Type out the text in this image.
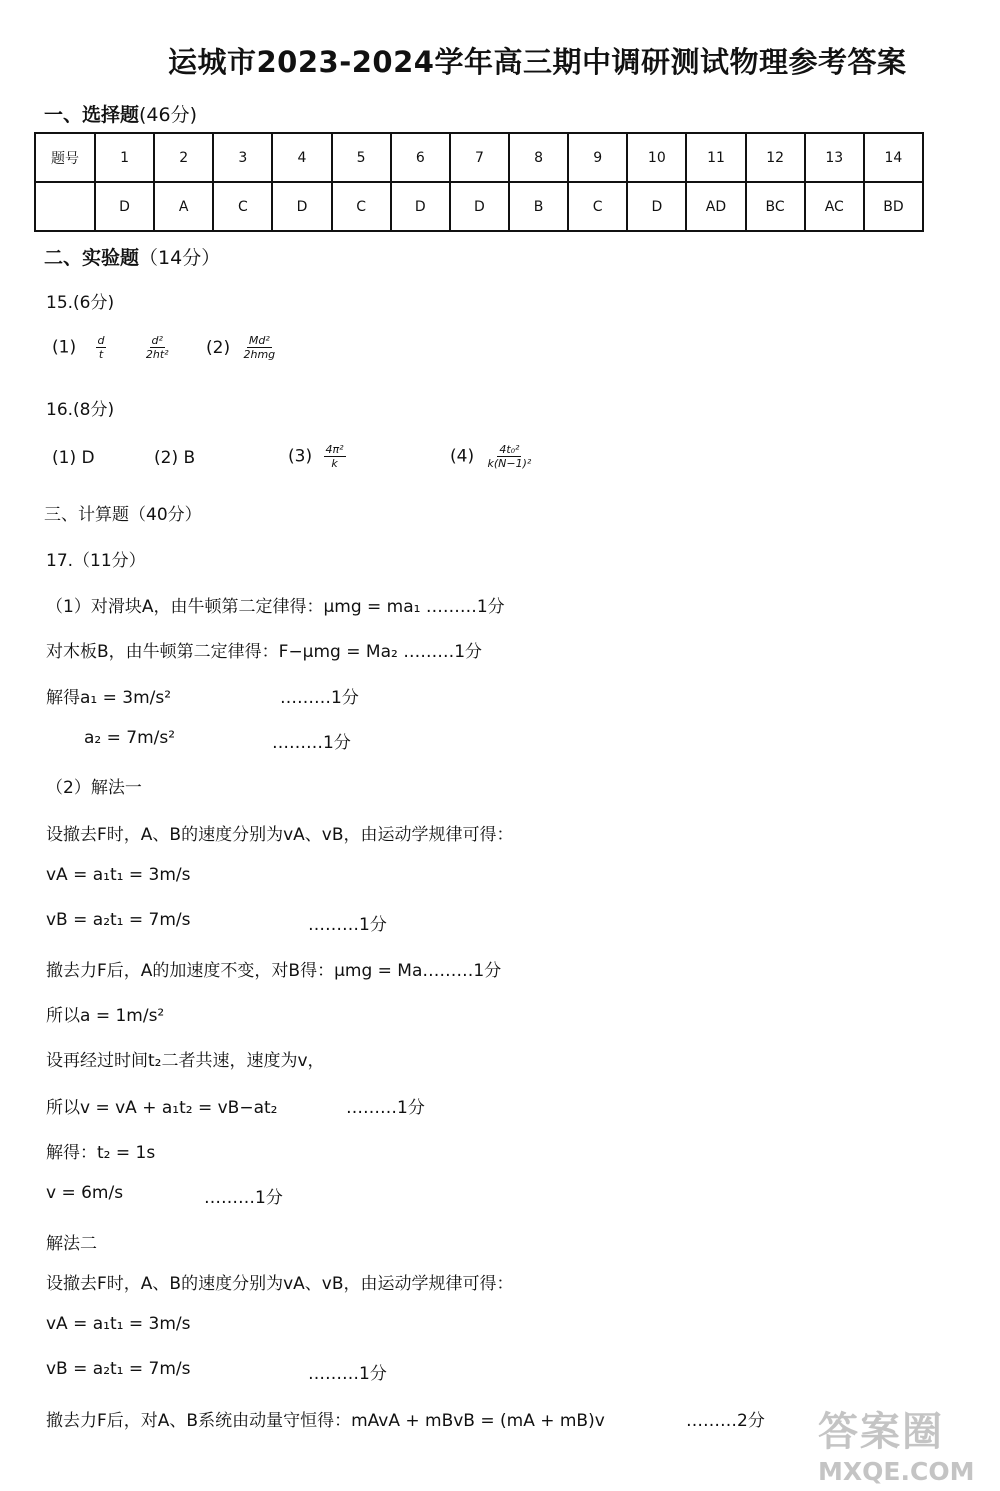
运城市2023-2024学年高三期中调研测试物理参考答案
一、选择题(46分)
题号	1	2	3	4	5	6	7	8	9	10	11	12	13	14
	D	A	C	D	C	D	D	B	C	D	AD	BC	AC	BD
二、实验题（14分）
15.(6分)
$(1) \frac{d}{t}$
	$\frac{\text{d²}}{\text{2ht²}} (2) \frac{\text{Md²}}{\text{2hmg}}$
16.(8分)
(1) D	(2) B	$(3) \frac{\text{4π²}}{k}$	$(4) \frac{\text{4t₀²}}{\text{k(N−1)²}}$
三、计算题（40分）
17.（11分）
（1）对滑块A，由牛顿第二定律得：μmg = ma₁ ………1分
对木板B，由牛顿第二定律得：F−μmg = Ma₂ ………1分
解得a₁ = 3m/s²	………1分
a₂ = 7m/s²	………1分
（2）解法一
设撤去F时，A、B的速度分别为vA、vB，由运动学规律可得：
vA = a₁t₁ = 3m/s
vB = a₂t₁ = 7m/s	………1分
撤去力F后，A的加速度不变，对B得：μmg = Ma………1分
所以a = 1m/s²
设再经过时间t₂二者共速，速度为v，
所以v = vA + a₁t₂ = vB−at₂	………1分
解得：t₂ = 1s
v = 6m/s	………1分
解法二
设撤去F时，A、B的速度分别为vA、vB，由运动学规律可得：
vA = a₁t₁ = 3m/s
vB = a₂t₁ = 7m/s	………1分
撤去力F后，对A、B系统由动量守恒得：mAvA + mBvB = (mA + mB)v	………2分 答案圈
MXQE.COM
